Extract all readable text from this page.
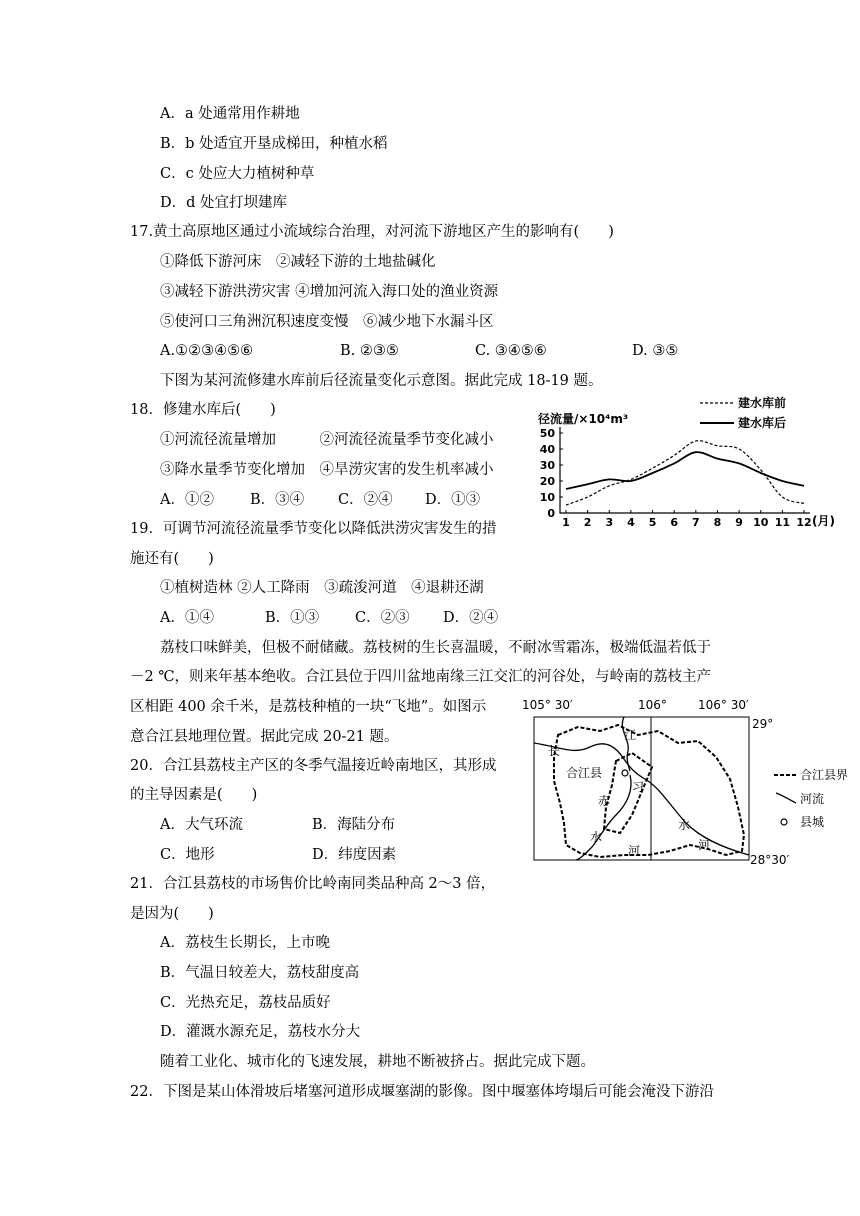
A．a 处通常用作耕地
B．b 处适宜开垦成梯田，种植水稻
C．c 处应大力植树种草
D．d 处宜打坝建库
17.黄土高原地区通过小流域综合治理，对河流下游地区产生的影响有(　　)
①降低下游河床　②减轻下游的土地盐碱化
③减轻下游洪涝灾害 ④增加河流入海口处的渔业资源
⑤使河口三角洲沉积速度变慢　⑥减少地下水漏斗区
A.①②③④⑤⑥	B. ②③⑤	C. ③④⑤⑥	D. ③⑤
下图为某河流修建水库前后径流量变化示意图。据此完成 18-19 题。
18．修建水库后(　　)
①河流径流量增加　　　②河流径流量季节变化减小
③降水量季节变化增加　④旱涝灾害的发生机率减小
A．①② B．③④ C．②④ D．①③
19．可调节河流径流量季节变化以降低洪涝灾害发生的措
施还有(　　)
①植树造林 ②人工降雨　③疏浚河道　④退耕还湖
A．①④	B．①③ C．②③ D．②④
荔枝口味鲜美，但极不耐储藏。荔枝树的生长喜温暖，不耐冰雪霜冻，极端低温若低于
－2 ℃，则来年基本绝收。合江县位于四川盆地南缘三江交汇的河谷处，与岭南的荔枝主产
区相距 400 余千米，是荔枝种植的一块“飞地”。如图示
意合江县地理位置。据此完成 20-21 题。
20．合江县荔枝主产区的冬季气温接近岭南地区，其形成
的主导因素是(　　)
A．大气环流	B．海陆分布
C．地形	D．纬度因素
21．合江县荔枝的市场售价比岭南同类品种高 2～3 倍，
是因为(　　)
A．荔枝生长期长，上市晚
B．气温日较差大，荔枝甜度高
C．光热充足，荔枝品质好
D．灌溉水源充足，荔枝水分大
随着工业化、城市化的飞速发展，耕地不断被挤占。据此完成下题。
22．下图是某山体滑坡后堵塞河道形成堰塞湖的影像。图中堰塞体垮塌后可能会淹没下游沿
径流量/×10⁴m³
建水库前
建水库后
0
10
20
30
40
50
1 2 3 4 5 6 7 8 9 10 11 12 (月)
105° 30′	106°	106° 30′
29°
28°30′
合江县
长
江
习
赤
水
河
水
河
合江县界
河流
县城
